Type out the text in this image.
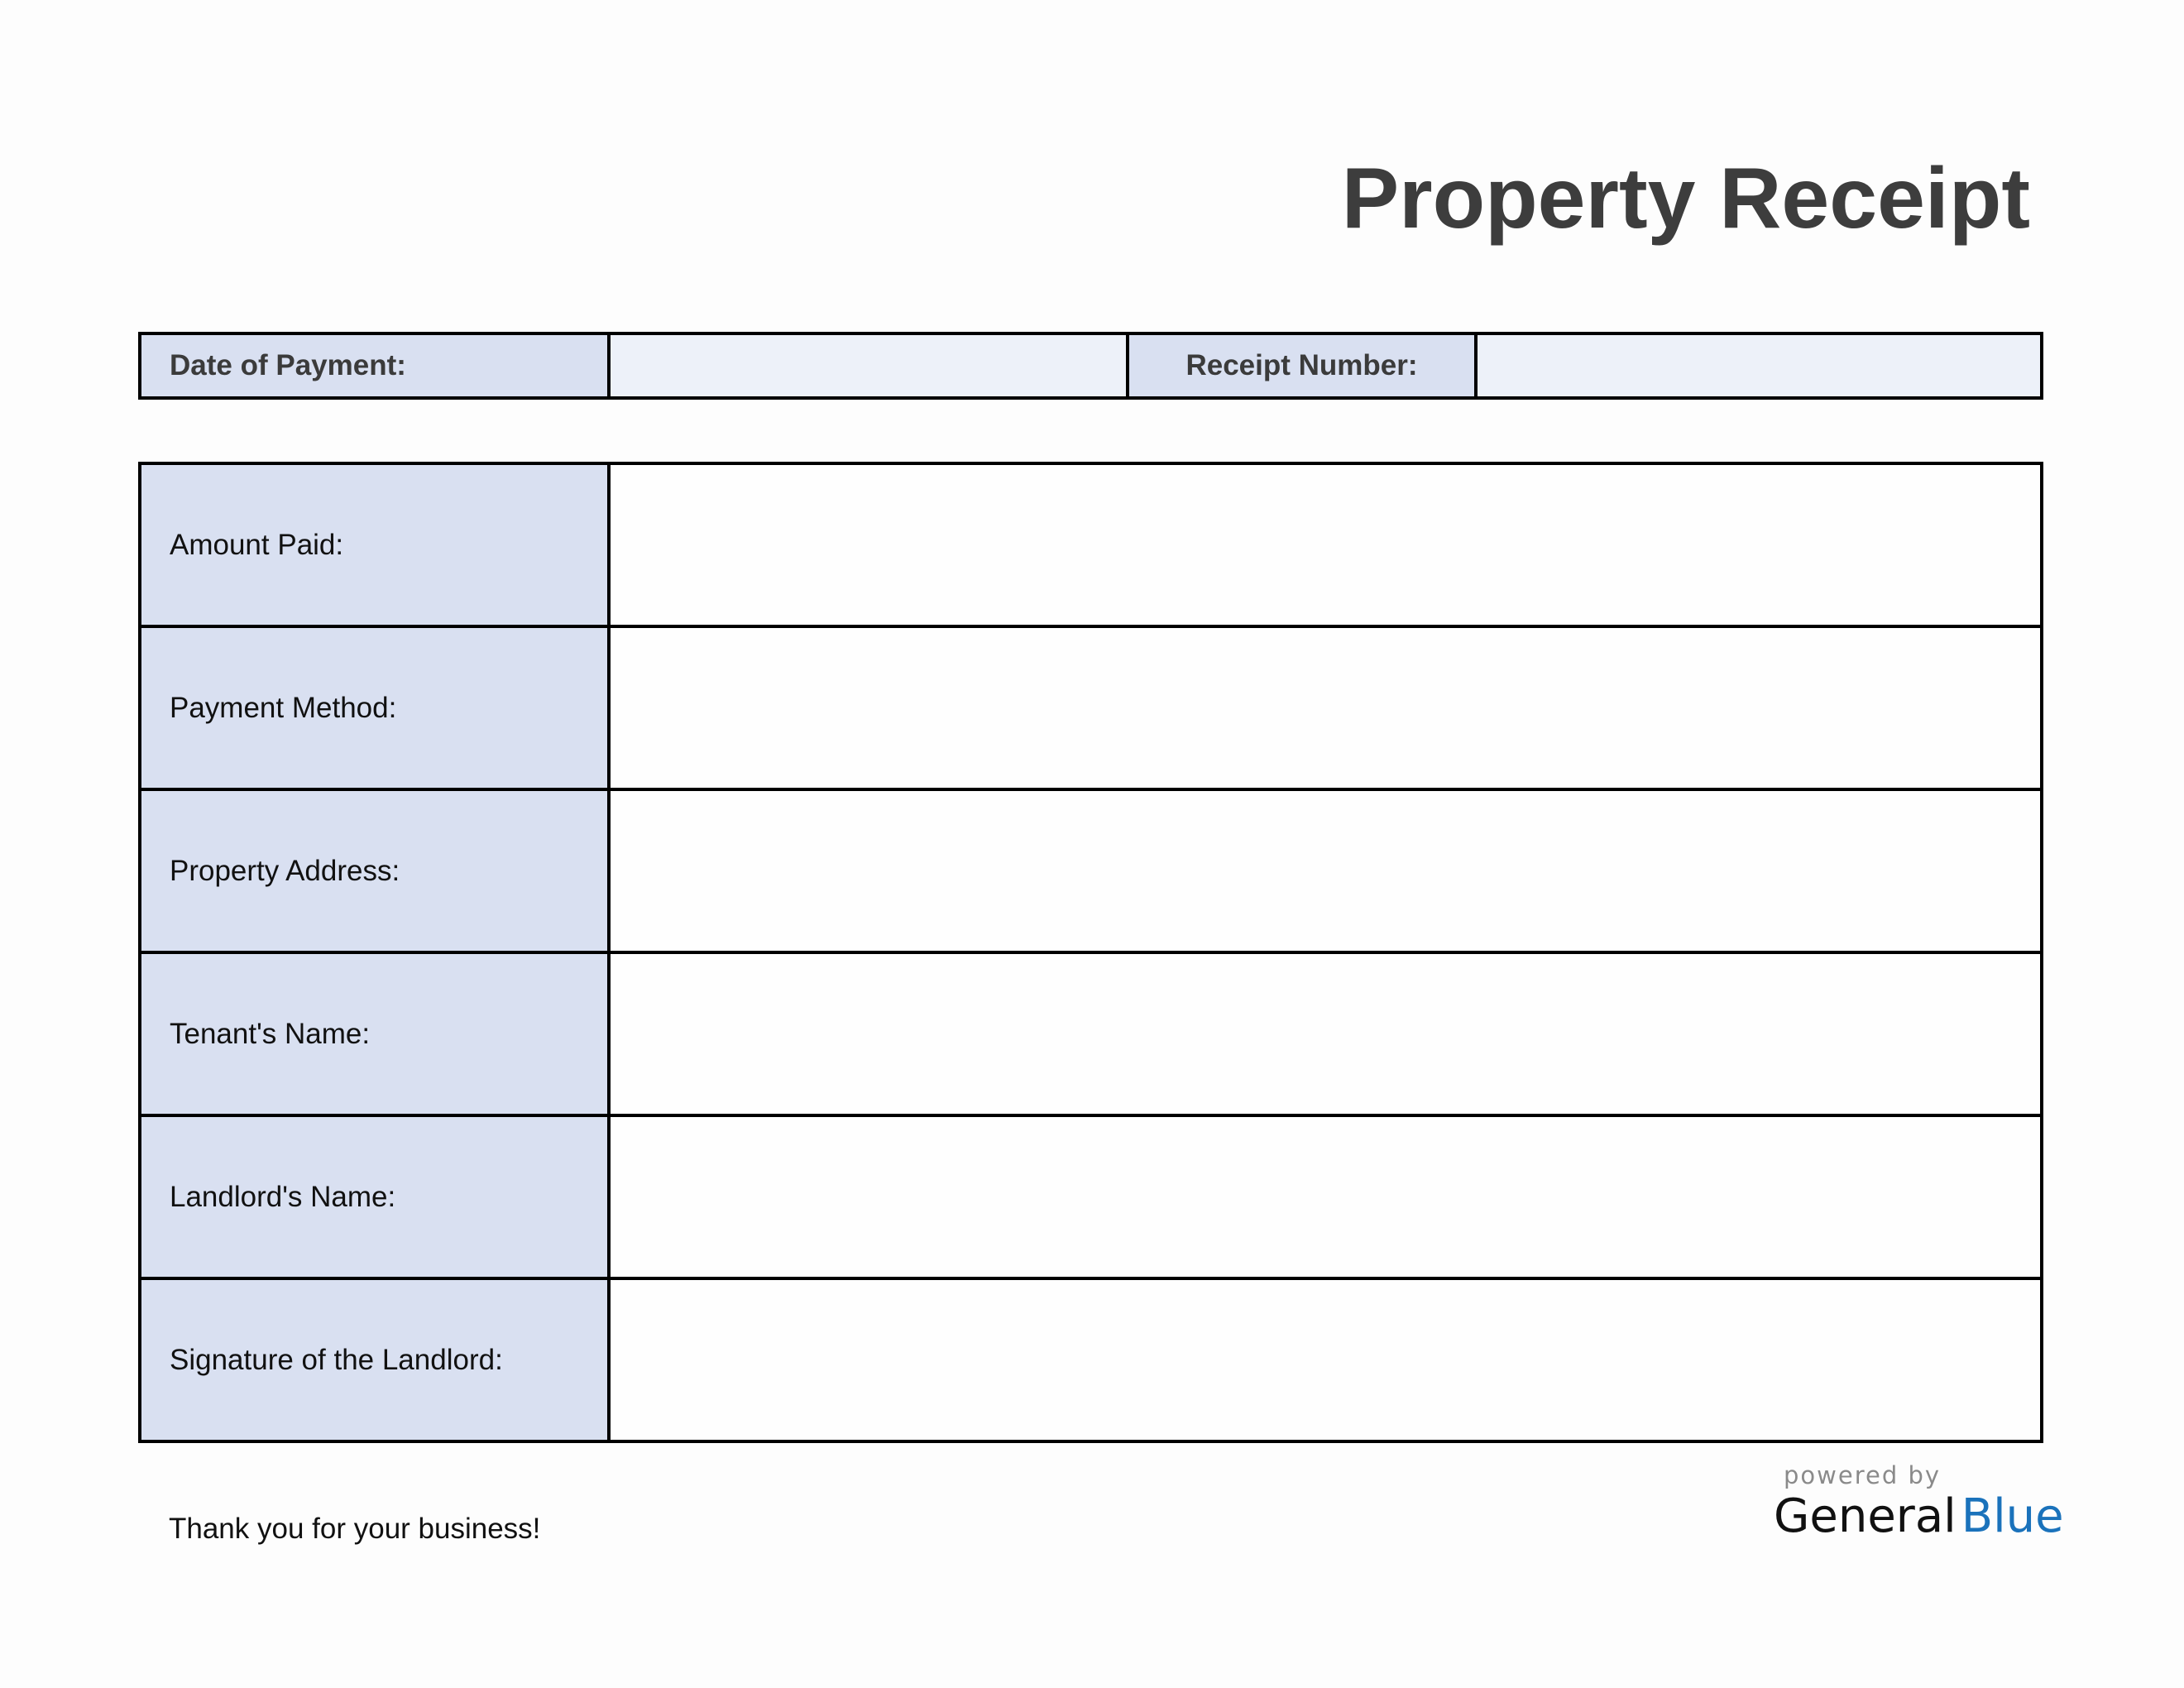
Property Receipt
Date of Payment:	Receipt Number:
Amount Paid:
Payment Method:
Property Address:
Tenant's Name:
Landlord's Name:
Signature of the Landlord:
Thank you for your business!
powered by
General Blue
